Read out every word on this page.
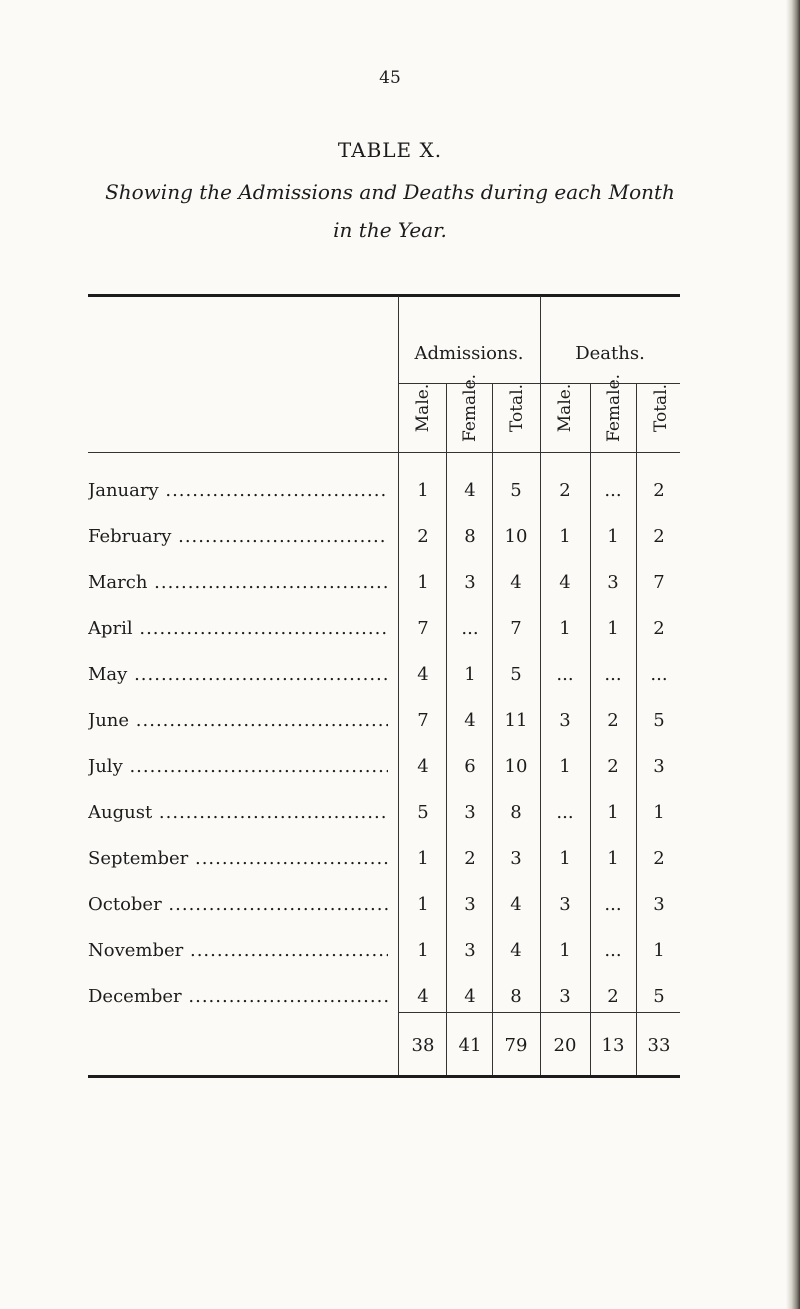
45
TABLE X.
Showing the Admissions and Deaths during each Month
in the Year.
Admissions.	Deaths.
Male. Female. Total. Male. Female. Total.
January .....	1	4	5	2	...	2
February .....	2	8	10	1	1	2
March .....	1	3	4	4	3	7
April .....	7	...	7	1	1	2
May .....	4	1	5	...	...	...
June .....	7	4	11	3	2	5
July .....	4	6	10	1	2	3
August .....	5	3	8	...	1	1
September .....	1	2	3	1	1	2
October .....	1	3	4	3	...	3
November .....	1	3	4	1	...	1
December .....	4	4	8	3	2	5
38	41	79	20	13	33
